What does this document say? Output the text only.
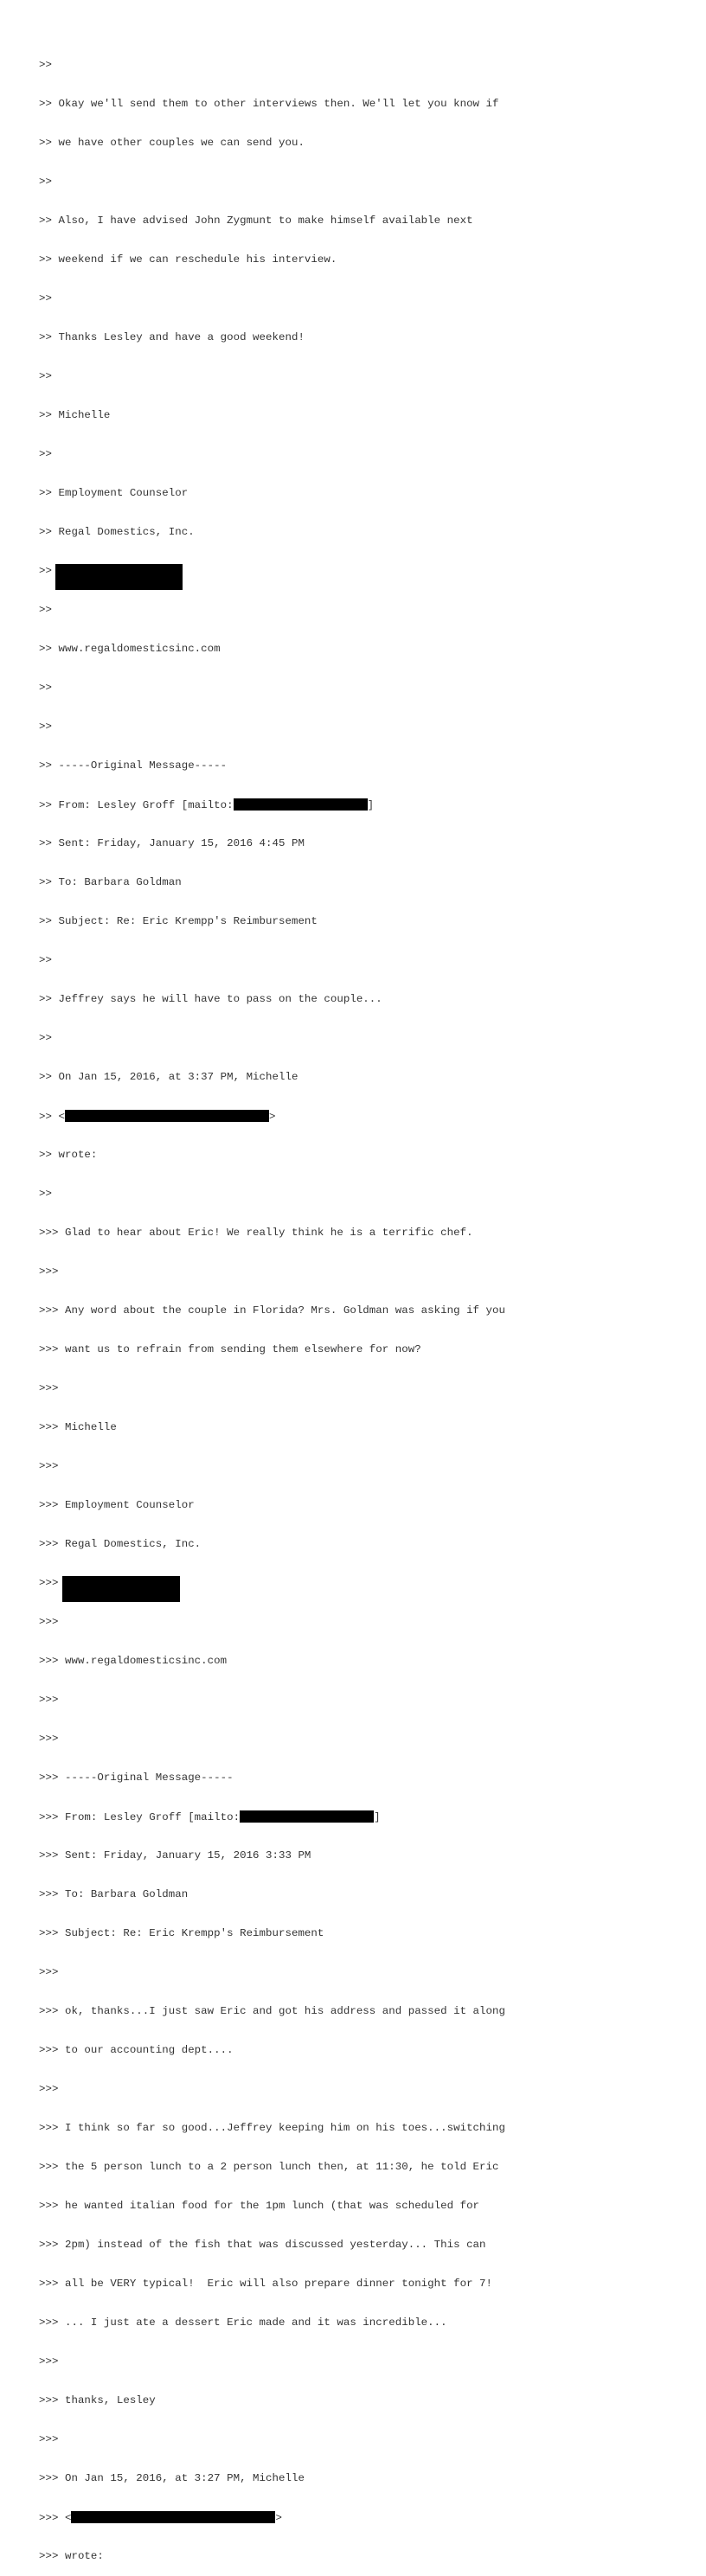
>>

>> Okay we'll send them to other interviews then. We'll let you know if

>> we have other couples we can send you.

>>

>> Also, I have advised John Zygmunt to make himself available next

>> weekend if we can reschedule his interview.

>>

>> Thanks Lesley and have a good weekend!

>>

>> Michelle

>>

>> Employment Counselor

>> Regal Domestics, Inc.

>>

>>

>> www.regaldomesticsinc.com

>>

>>

>> -----Original Message-----

>> From: Lesley Groff [mailto:	]

>> Sent: Friday, January 15, 2016 4:45 PM

>> To: Barbara Goldman

>> Subject: Re: Eric Krempp's Reimbursement

>>

>> Jeffrey says he will have to pass on the couple...

>>

>> On Jan 15, 2016, at 3:37 PM, Michelle

>> <	>

>> wrote:

>>

>>> Glad to hear about Eric! We really think he is a terrific chef.

>>>

>>> Any word about the couple in Florida? Mrs. Goldman was asking if you

>>> want us to refrain from sending them elsewhere for now?

>>>

>>> Michelle

>>>

>>> Employment Counselor

>>> Regal Domestics, Inc.

>>>

>>>

>>> www.regaldomesticsinc.com

>>>

>>>

>>> -----Original Message-----

>>> From: Lesley Groff [mailto:	]

>>> Sent: Friday, January 15, 2016 3:33 PM

>>> To: Barbara Goldman

>>> Subject: Re: Eric Krempp's Reimbursement

>>>

>>> ok, thanks...I just saw Eric and got his address and passed it along

>>> to our accounting dept....

>>>

>>> I think so far so good...Jeffrey keeping him on his toes...switching

>>> the 5 person lunch to a 2 person lunch then, at 11:30, he told Eric

>>> he wanted italian food for the 1pm lunch (that was scheduled for

>>> 2pm) instead of the fish that was discussed yesterday... This can

>>> all be VERY typical!  Eric will also prepare dinner tonight for 7!

>>> ... I just ate a dessert Eric made and it was incredible...

>>>

>>> thanks, Lesley

>>>

>>> On Jan 15, 2016, at 3:27 PM, Michelle

>>> <	>

>>> wrote:
